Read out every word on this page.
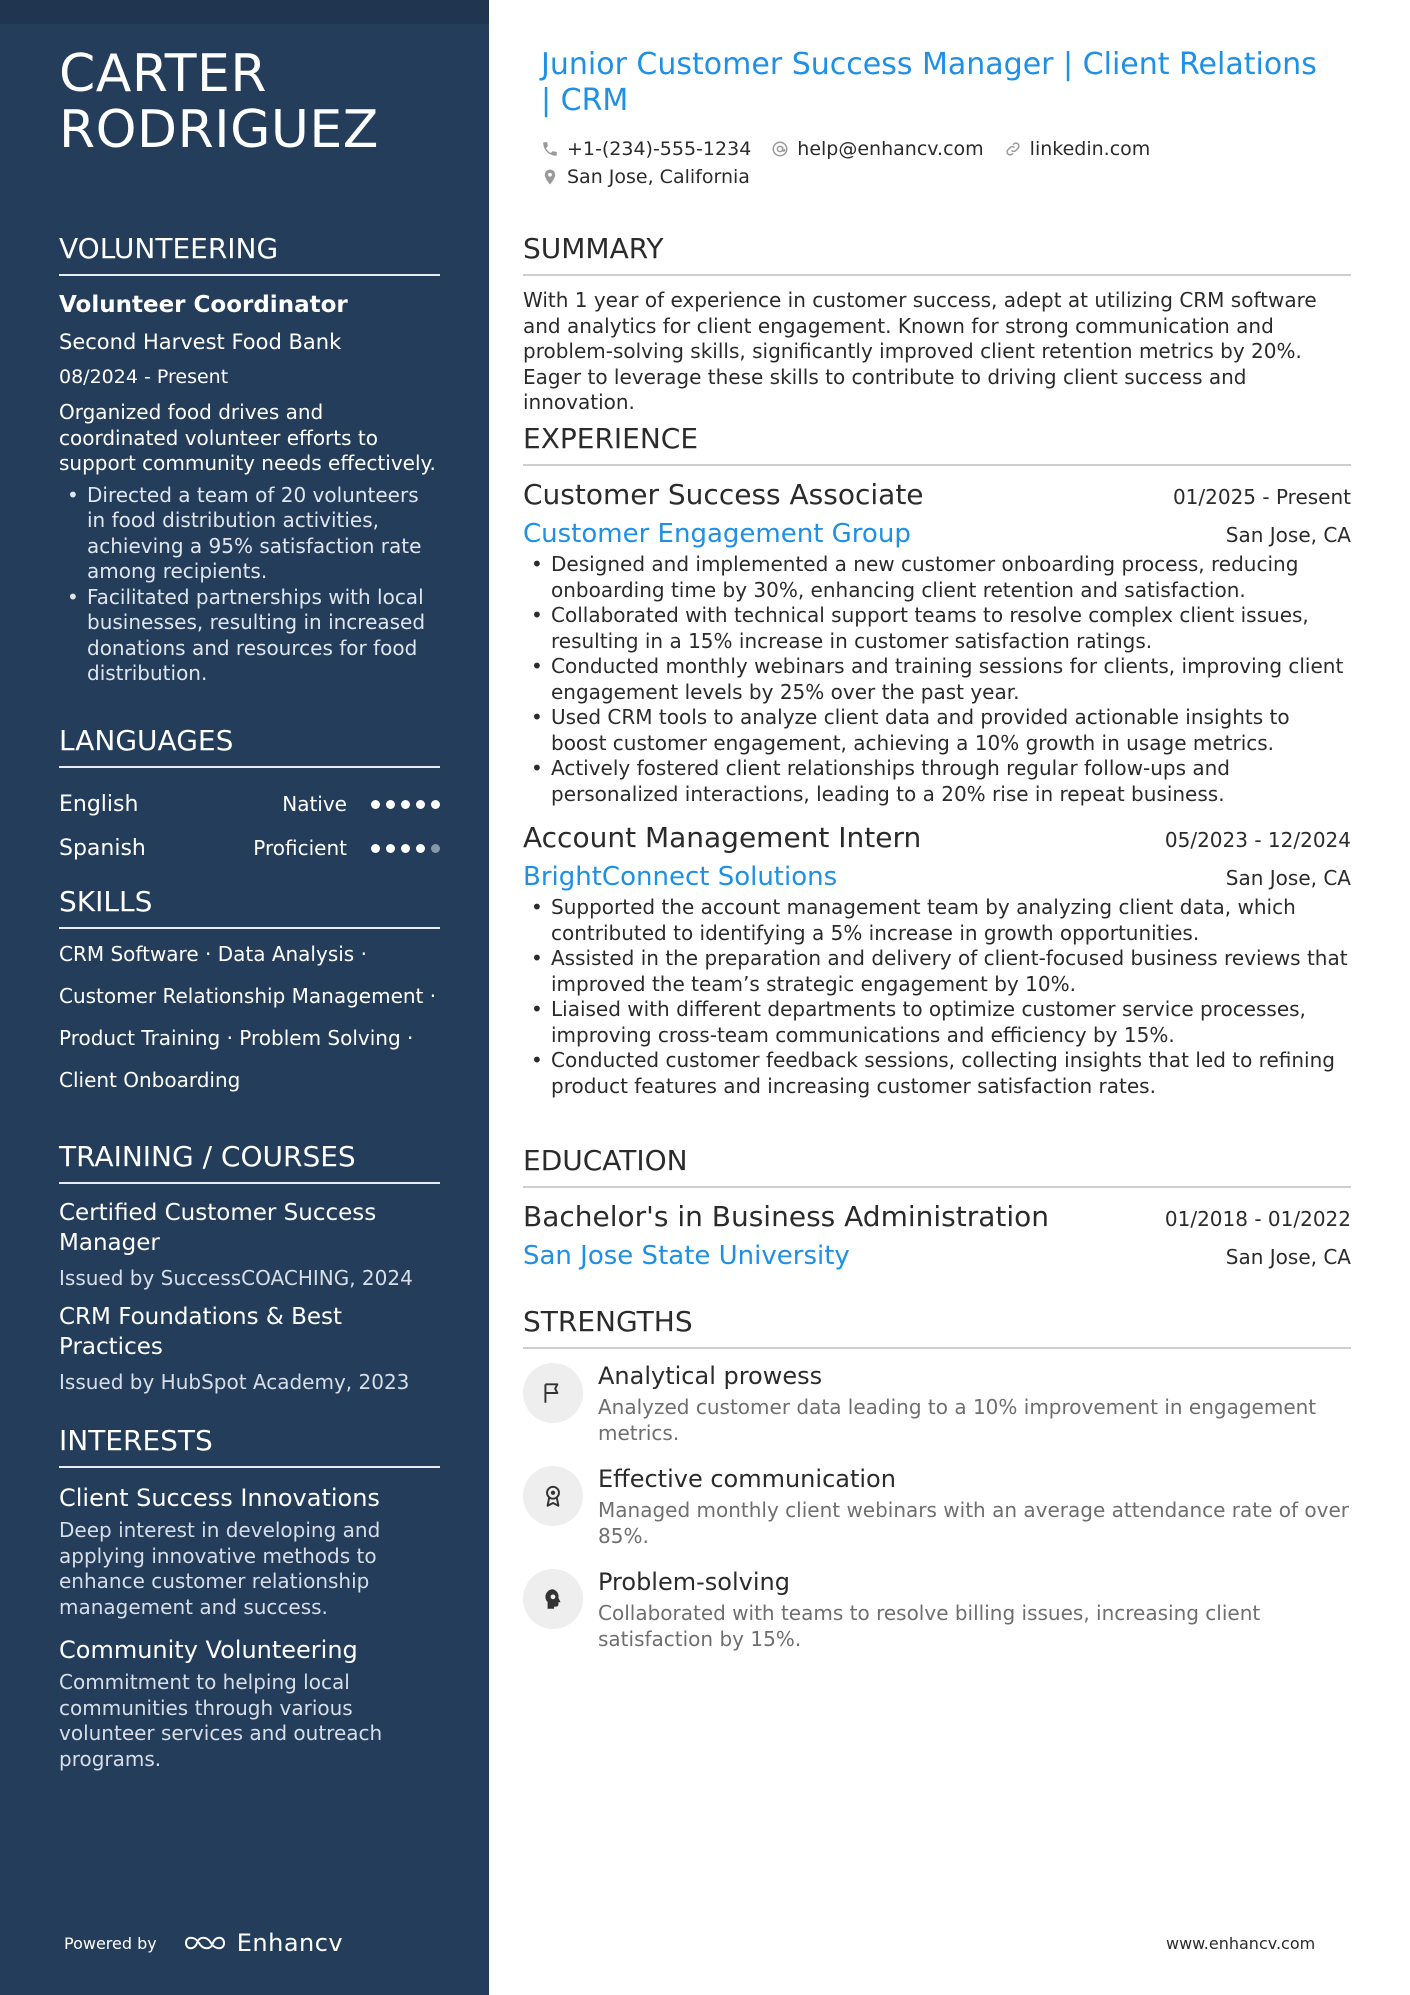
CARTER
RODRIGUEZ
VOLUNTEERING
Volunteer Coordinator
Second Harvest Food Bank
08/2024 - Present
Organized food drives and coordinated volunteer efforts to support community needs effectively.
• Directed a team of 20 volunteers in food distribution activities, achieving a 95% satisfaction rate among recipients.
• Facilitated partnerships with local businesses, resulting in increased donations and resources for food distribution.
LANGUAGES
English	Native
Spanish	Proficient
SKILLS
CRM Software · Data Analysis ·
Customer Relationship Management ·
Product Training · Problem Solving ·
Client Onboarding
TRAINING / COURSES
Certified Customer Success Manager
Issued by SuccessCOACHING, 2024
CRM Foundations & Best Practices
Issued by HubSpot Academy, 2023
INTERESTS
Client Success Innovations
Deep interest in developing and applying innovative methods to enhance customer relationship management and success.
Community Volunteering
Commitment to helping local communities through various volunteer services and outreach programs.
Powered by	Enhancv
Junior Customer Success Manager | Client Relations | CRM
+1-(234)-555-1234 help@enhancv.com linkedin.com
San Jose, California
SUMMARY
With 1 year of experience in customer success, adept at utilizing CRM software and analytics for client engagement. Known for strong communication and problem-solving skills, significantly improved client retention metrics by 20%. Eager to leverage these skills to contribute to driving client success and innovation.
EXPERIENCE
Customer Success Associate	01/2025 - Present
Customer Engagement Group	San Jose, CA
• Designed and implemented a new customer onboarding process, reducing onboarding time by 30%, enhancing client retention and satisfaction.
• Collaborated with technical support teams to resolve complex client issues, resulting in a 15% increase in customer satisfaction ratings.
• Conducted monthly webinars and training sessions for clients, improving client engagement levels by 25% over the past year.
• Used CRM tools to analyze client data and provided actionable insights to boost customer engagement, achieving a 10% growth in usage metrics.
• Actively fostered client relationships through regular follow-ups and personalized interactions, leading to a 20% rise in repeat business.
Account Management Intern	05/2023 - 12/2024
BrightConnect Solutions	San Jose, CA
• Supported the account management team by analyzing client data, which contributed to identifying a 5% increase in growth opportunities.
• Assisted in the preparation and delivery of client-focused business reviews that improved the team’s strategic engagement by 10%.
• Liaised with different departments to optimize customer service processes, improving cross-team communications and efficiency by 15%.
• Conducted customer feedback sessions, collecting insights that led to refining product features and increasing customer satisfaction rates.
EDUCATION
Bachelor's in Business Administration	01/2018 - 01/2022
San Jose State University	San Jose, CA
STRENGTHS
Analytical prowess
Analyzed customer data leading to a 10% improvement in engagement metrics.
Effective communication
Managed monthly client webinars with an average attendance rate of over 85%.
Problem-solving
Collaborated with teams to resolve billing issues, increasing client satisfaction by 15%.
www.enhancv.com
